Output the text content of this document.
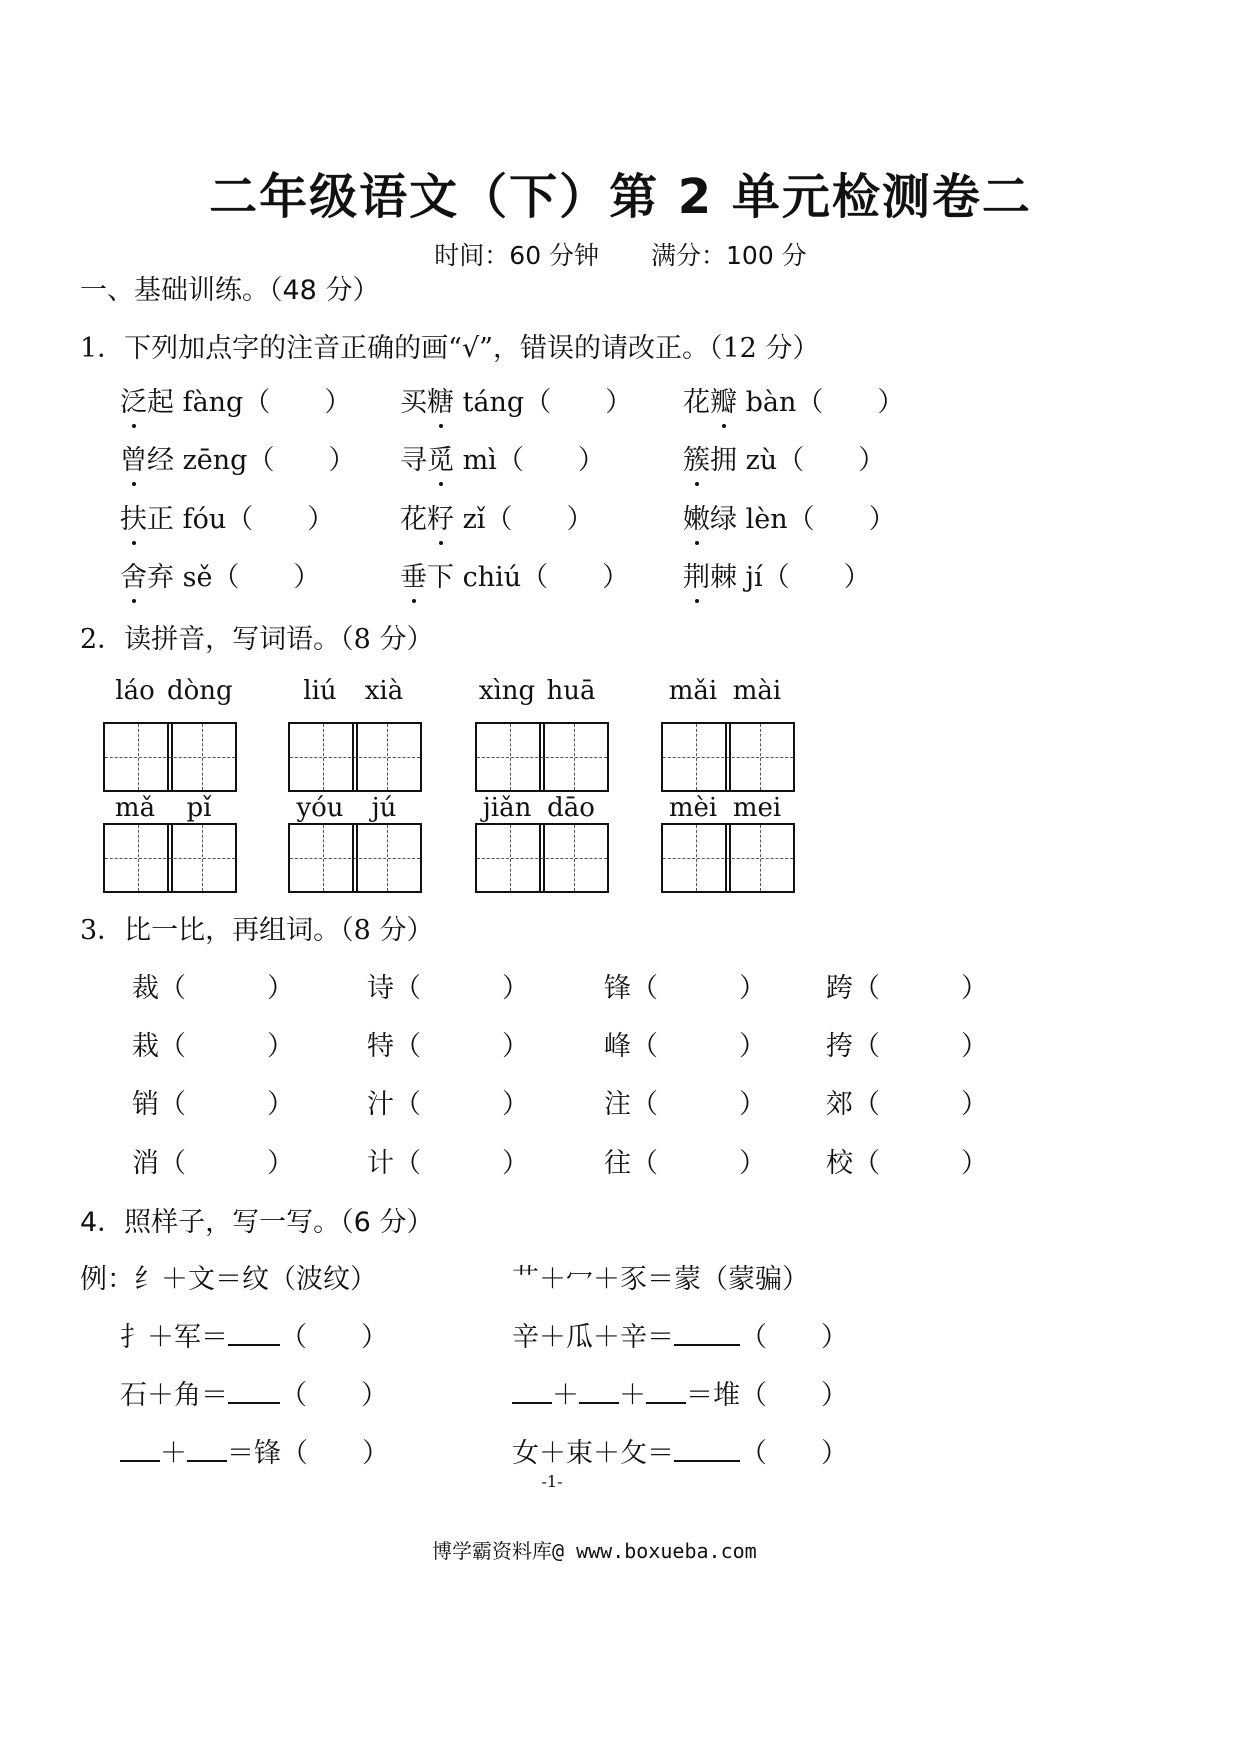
二年级语文（下）第 2 单元检测卷二
时间：60 分钟 满分：100 分
一、基础训练。（48 分）
1．下列加点字的注音正确的画“√”，错误的请改正。（12 分）
泛起 fàng（　　） 买糖 táng（　　） 花瓣 bàn（　　）
曾经 zēng（　　） 寻觅 mì（　　）	簇拥 zù（　　）
扶正 fóu（　　） 花籽 zǐ（　　）	嫩绿 lèn（　　）
舍弃 sě（　　）	垂下 chiú（　　） 荆棘 jí（　　）
2．读拼音，写词语。（8 分）
láo dòng	liú	xià	xìng huā	mǎi mài
mǎ	pǐ	yóu	jú	jiǎn dāo	mèi mei
3．比一比，再组词。（8 分）
裁（　　　）	诗（　　　）	锋（　　　） 跨（　　　）
栽（　　　）	特（　　　）	峰（　　　） 挎（　　　）
销（　　　）	汁（　　　）	注（　　　） 郊（　　　）
消（　　　）	计（　　　）	往（　　　） 校（　　　）
4．照样子，写一写。（6 分）
例：纟＋文＝纹（波纹）	艹＋冖＋豕＝蒙（蒙骗）
扌＋军＝ （　　）	辛＋瓜＋辛＝ （　　）
石＋角＝ （　　）	＋ ＋ ＝堆（　　）
＋ ＝锋（　　）	女＋束＋攵＝ （　　）
-1-
博学霸资料库@ www.boxueba.com
